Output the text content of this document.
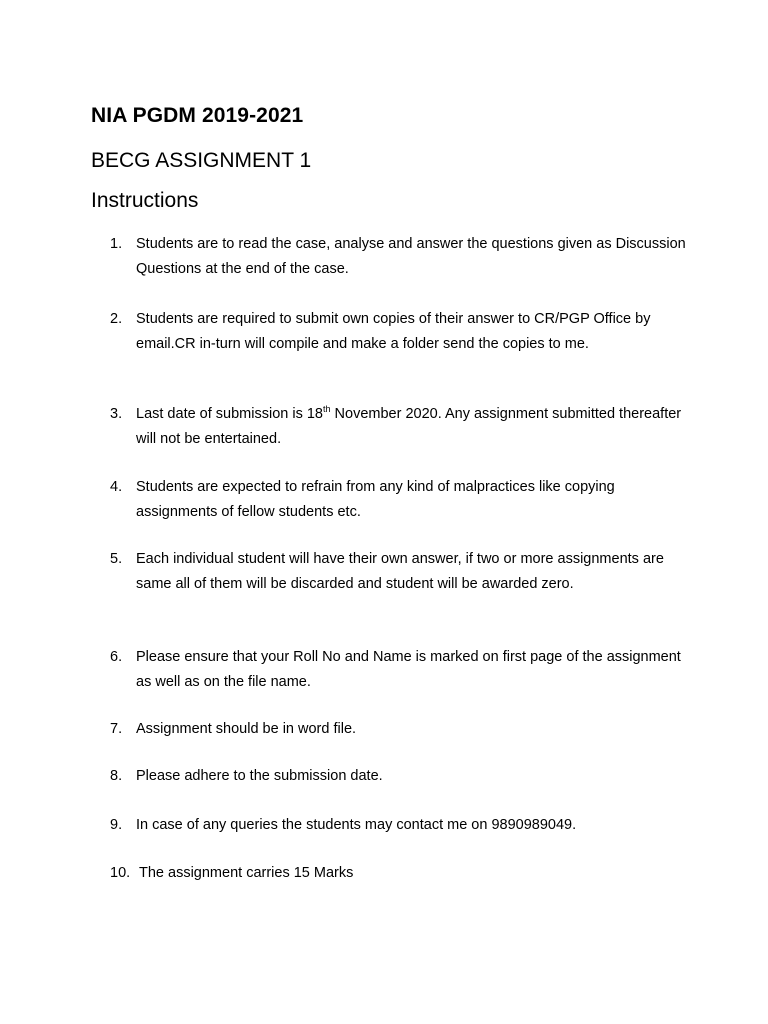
NIA PGDM 2019-2021
BECG ASSIGNMENT 1
Instructions
1. Students are to read the case, analyse and answer the questions given as Discussion Questions at the end of the case.
2. Students are required to submit own copies of their answer to CR/PGP Office by email.CR in-turn will compile and make a folder send the copies to me.
3. Last date of submission is 18th November 2020. Any assignment submitted thereafter will not be entertained.
4. Students are expected to refrain from any kind of malpractices like copying assignments of fellow students etc.
5. Each individual student will have their own answer, if two or more assignments are same all of them will be discarded and student will be awarded zero.
6. Please ensure that your Roll No and Name is marked on first page of the assignment as well as on the file name.
7. Assignment should be in word file.
8. Please adhere to the submission date.
9. In case of any queries the students may contact me on 9890989049.
10. The assignment carries 15 Marks
